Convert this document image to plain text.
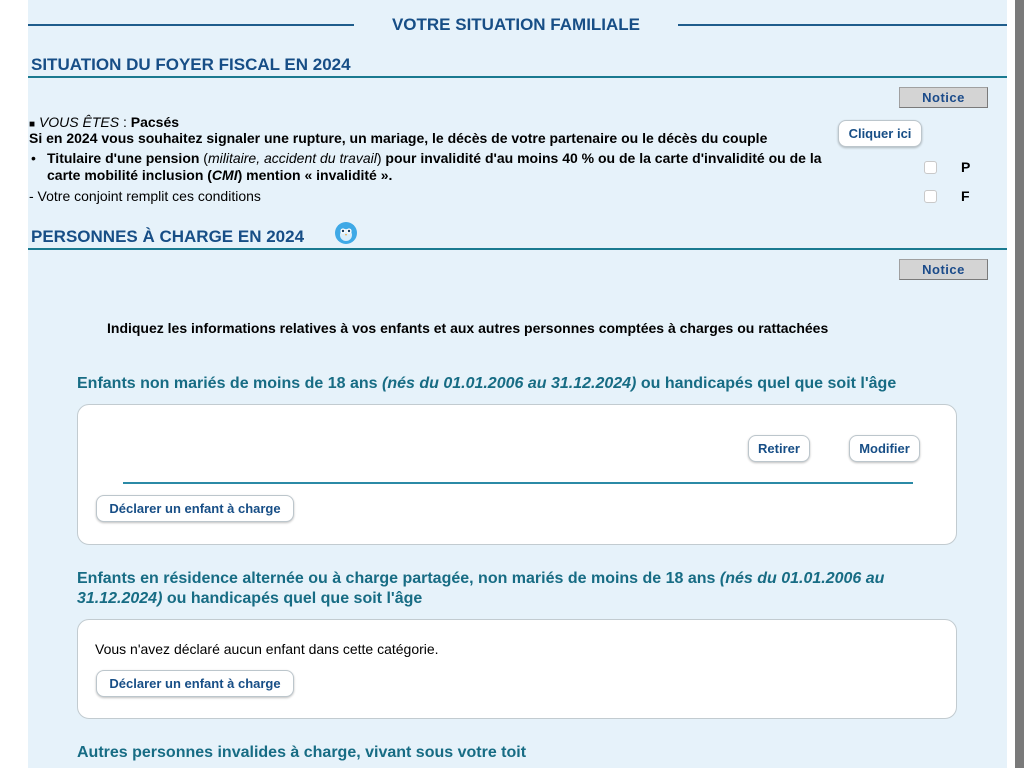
VOTRE SITUATION FAMILIALE
SITUATION DU FOYER FISCAL EN 2024
Notice
■ VOUS ÊTES : Pacsés
Si en 2024 vous souhaitez signaler une rupture, un mariage, le décès de votre partenaire ou le décès du couple	Cliquer ici
• Titulaire d'une pension (militaire, accident du travail) pour invalidité d'au moins 40 % ou de la carte d'invalidité ou de la
carte mobilité inclusion (CMI) mention « invalidité ».	P
- Votre conjoint remplit ces conditions	F
PERSONNES À CHARGE EN 2024
Notice
Indiquez les informations relatives à vos enfants et aux autres personnes comptées à charges ou rattachées
Enfants non mariés de moins de 18 ans (nés du 01.01.2006 au 31.12.2024) ou handicapés quel que soit l'âge
Retirer	Modifier
Déclarer un enfant à charge
Enfants en résidence alternée ou à charge partagée, non mariés de moins de 18 ans (nés du 01.01.2006 au
31.12.2024) ou handicapés quel que soit l'âge
Vous n'avez déclaré aucun enfant dans cette catégorie.
Déclarer un enfant à charge
Autres personnes invalides à charge, vivant sous votre toit
